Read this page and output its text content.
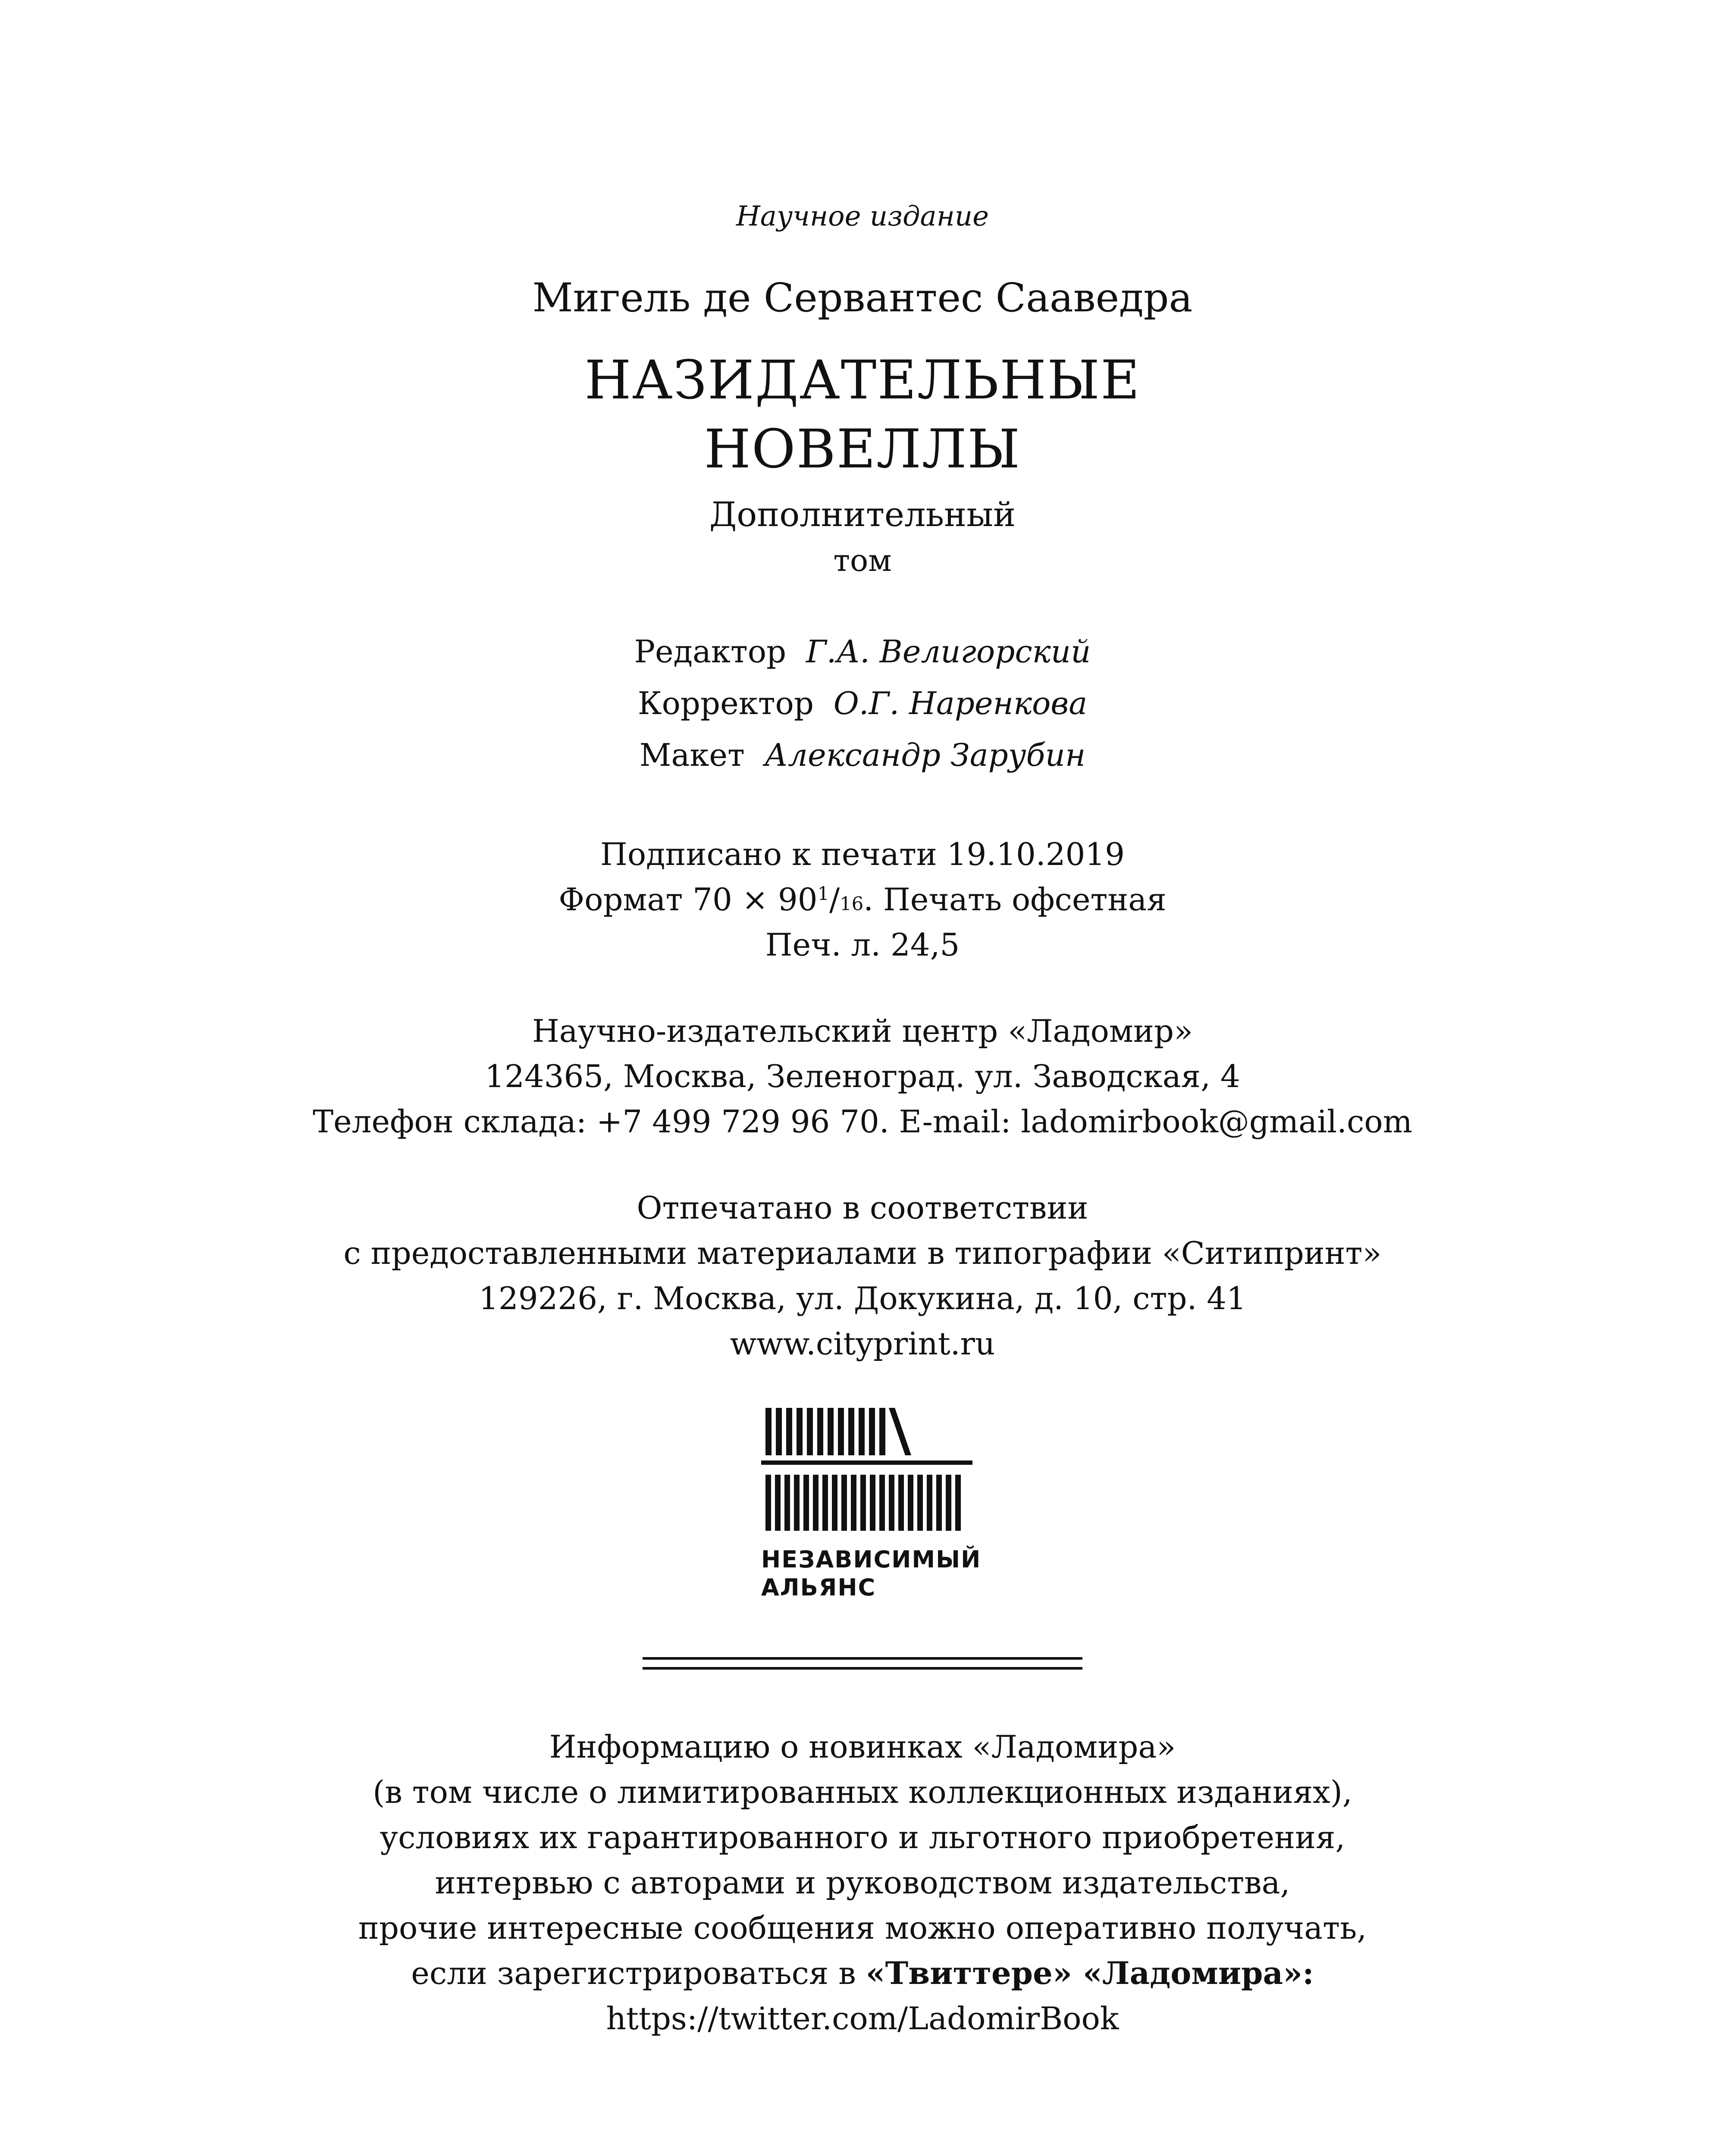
Научное издание
Мигель де Сервантес Сааведра
НАЗИДАТЕЛЬНЫЕ
НОВЕЛЛЫ
Дополнительный
том
Редактор Г.А. Велигорский
Корректор О.Г. Наренкова
Макет Александр Зарубин
Подписано к печати 19.10.2019
Формат $70 \times 90^1/16$. Печать офсетная
Печ. л. 24,5
Научно-издательский центр «Ладомир»
124365, Москва, Зеленоград. ул. Заводская, 4
Телефон склада: +7 499 729 96 70. E-mail: ladomirbook@gmail.com
Отпечатано в соответствии
с предоставленными материалами в типографии «Ситипринт»
129226, г. Москва, ул. Докукина, д. 10, стр. 41
www.cityprint.ru
НЕЗАВИСИМЫЙ
АЛЬЯНС
Информацию о новинках «Ладомира»
(в том числе о лимитированных коллекционных изданиях),
условиях их гарантированного и льготного приобретения,
интервью с авторами и руководством издательства,
прочие интересные сообщения можно оперативно получать,
если зарегистрироваться в «Твиттере» «Ладомира»:
https://twitter.com/LadomirBook
